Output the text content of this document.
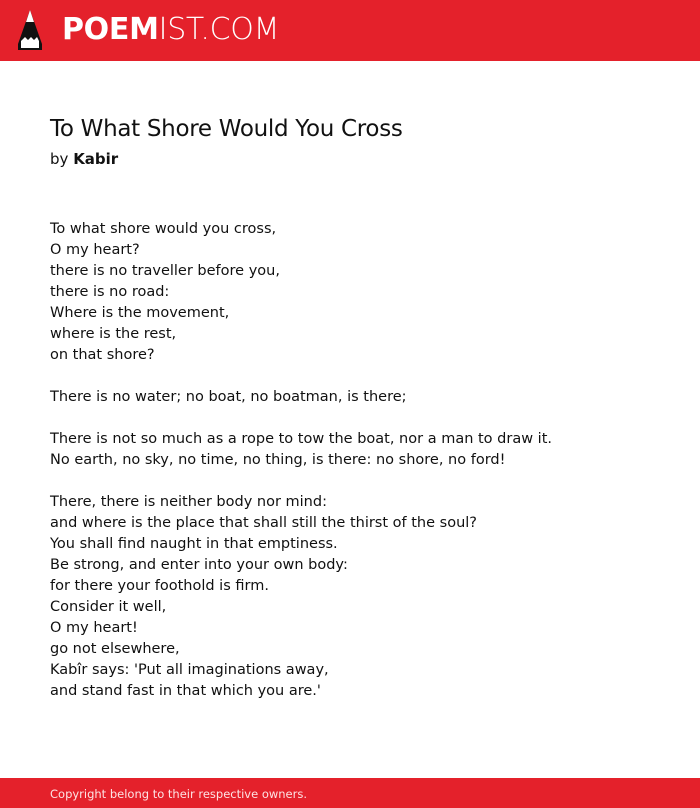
POEMIST.COM
To What Shore Would You Cross
by Kabir
To what shore would you cross,
O my heart?
there is no traveller before you,
there is no road:
Where is the movement,
where is the rest,
on that shore?
There is no water; no boat, no boatman, is there;
There is not so much as a rope to tow the boat, nor a man to draw it.
No earth, no sky, no time, no thing, is there: no shore, no ford!
There, there is neither body nor mind:
and where is the place that shall still the thirst of the soul?
You shall find naught in that emptiness.
Be strong, and enter into your own body:
for there your foothold is firm.
Consider it well,
O my heart!
go not elsewhere,
Kabîr says: 'Put all imaginations away,
and stand fast in that which you are.'
Copyright belong to their respective owners.
